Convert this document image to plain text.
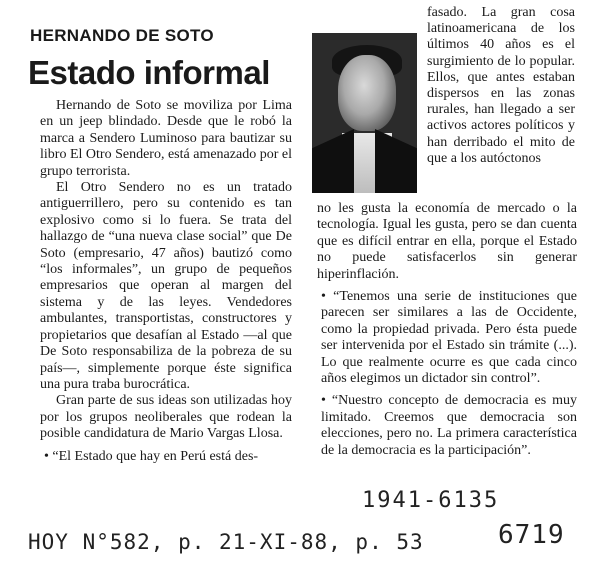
HERNANDO DE SOTO
Estado informal

Hernando de Soto se moviliza por Lima en un jeep blindado. Desde que le robó la marca a Sendero Luminoso para bautizar su libro El Otro Sendero, está amenazado por el grupo terrorista.

El Otro Sendero no es un tratado antiguerrillero, pero su contenido es tan explosivo como si lo fuera. Se trata del hallazgo de “una nueva clase social” que De Soto (empresario, 47 años) bautizó como “los informales”, un grupo de pequeños empresarios que operan al margen del sistema y de las leyes. Vendedores ambulantes, transportistas, constructores y propietarios que desafían al Estado —al que De Soto responsabiliza de la pobreza de su país—, simplemente porque éste significa una pura traba burocrática.

Gran parte de sus ideas son utilizadas hoy por los grupos neoliberales que rodean la posible candidatura de Mario Vargas Llosa.

• “El Estado que hay en Perú está des-

fasado. La gran cosa latinoamericana de los últimos 40 años es el surgimiento de lo popular. Ellos, que antes estaban dispersos en las zonas rurales, han llegado a ser activos actores políticos y han derribado el mito de que a los autóctonos

no les gusta la economía de mercado o la tecnología. Igual les gusta, pero se dan cuenta que es difícil entrar en ella, porque el Estado no puede satisfacerlos sin generar hiperinflación.

• “Tenemos una serie de instituciones que parecen ser similares a las de Occidente, como la propiedad privada. Pero ésta puede ser intervenida por el Estado sin trámite (...). Lo que realmente ocurre es que cada cinco años elegimos un dictador sin control”.

• “Nuestro concepto de democracia es muy limitado. Creemos que democracia son elecciones, pero no. La primera característica de la democracia es la participación”.

1941-6135
HOY N°582, p. 21-XI-88, p. 53	6719
